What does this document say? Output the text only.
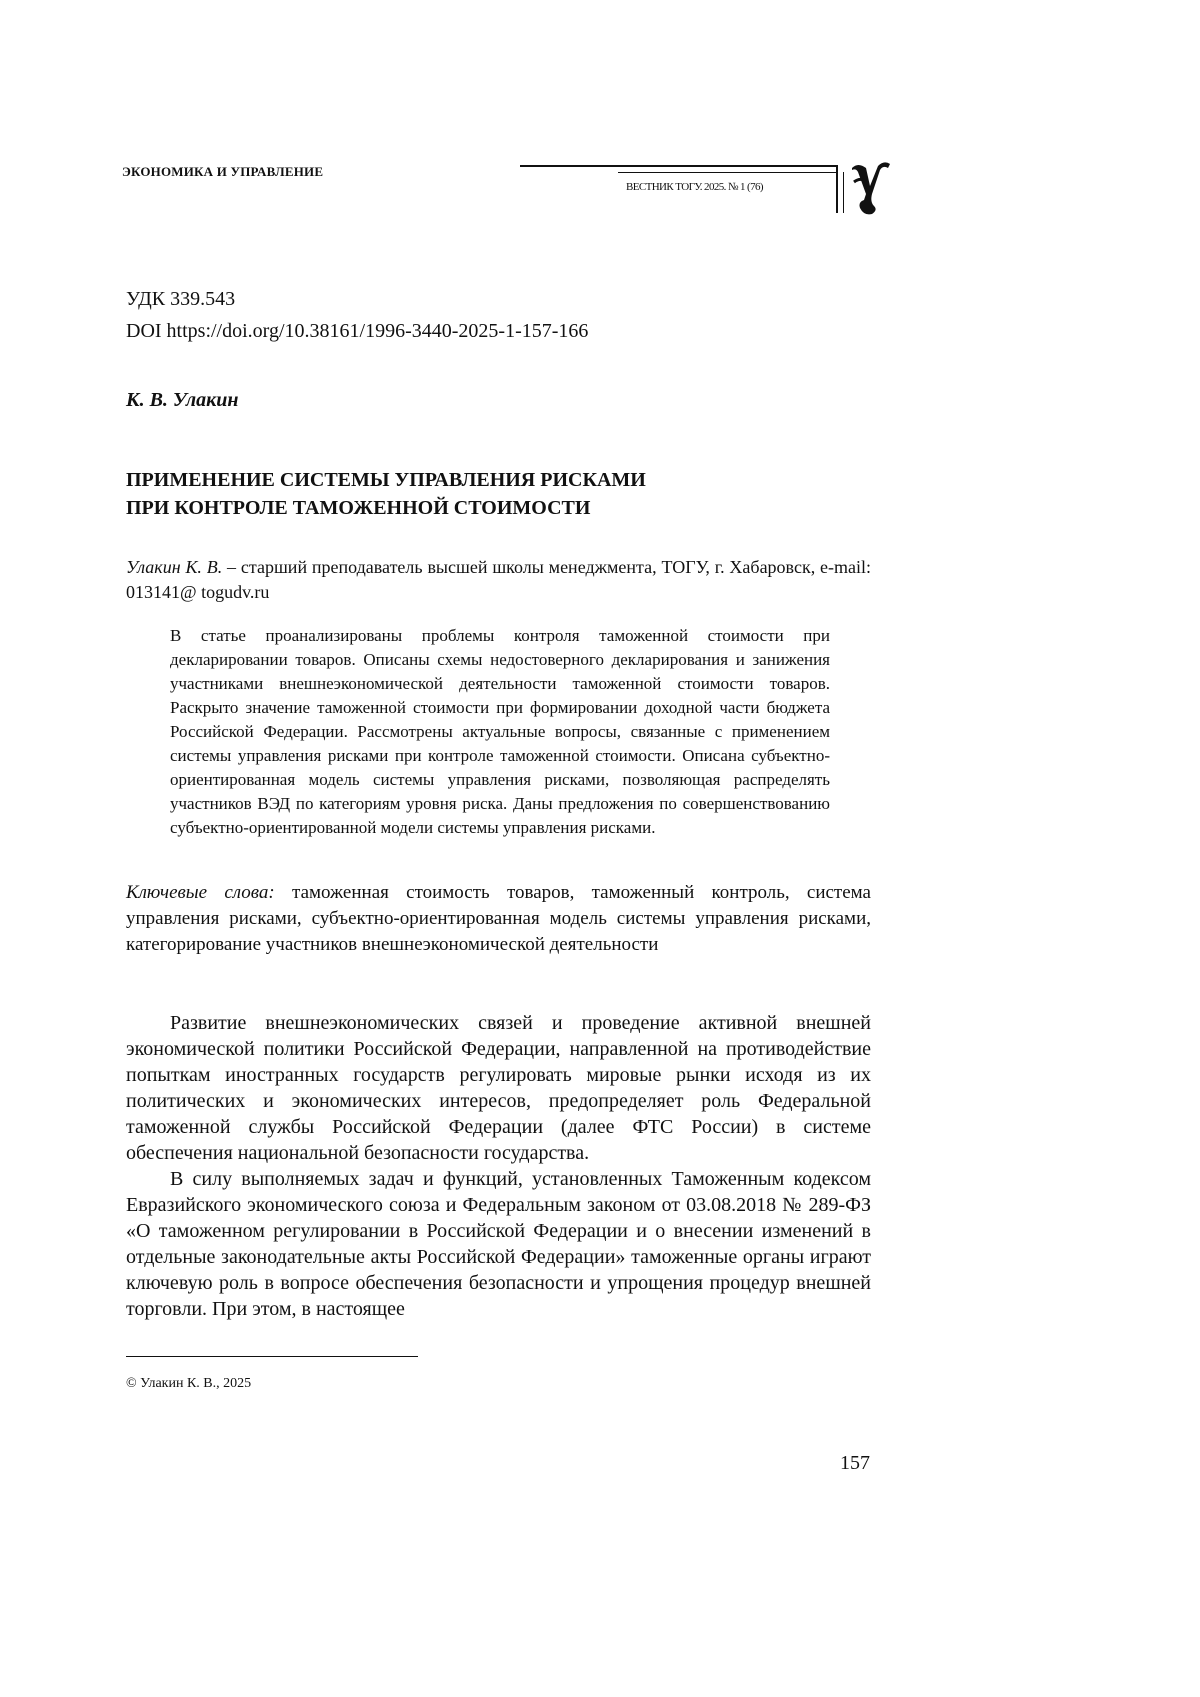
ЭКОНОМИКА И УПРАВЛЕНИЕ
ВЕСТНИК ТОГУ. 2025. № 1 (76)
УДК 339.543
DOI https://doi.org/10.38161/1996-3440-2025-1-157-166
К. В. Улакин
ПРИМЕНЕНИЕ СИСТЕМЫ УПРАВЛЕНИЯ РИСКАМИ
ПРИ КОНТРОЛЕ ТАМОЖЕННОЙ СТОИМОСТИ
Улакин К. В. – старший преподаватель высшей школы менеджмента, ТОГУ, г. Хабаровск, e-mail: 013141@ togudv.ru
В статье проанализированы проблемы контроля таможенной стоимости при декларировании товаров. Описаны схемы недостоверного декларирования и занижения участниками внешнеэкономической деятельности таможенной стоимости товаров. Раскрыто значение таможенной стоимости при формировании доходной части бюджета Российской Федерации. Рассмотрены актуальные вопросы, связанные с применением системы управления рисками при контроле таможенной стоимости. Описана субъектно-ориентированная модель системы управления рисками, позволяющая распределять участников ВЭД по категориям уровня риска. Даны предложения по совершенствованию субъектно-ориентированной модели системы управления рисками.
Ключевые слова: таможенная стоимость товаров, таможенный контроль, система управления рисками, субъектно-ориентированная модель системы управления рисками, категорирование участников внешнеэкономической деятельности

Развитие внешнеэкономических связей и проведение активной внешней экономической политики Российской Федерации, направленной на противодействие попыткам иностранных государств регулировать мировые рынки исходя из их политических и экономических интересов, предопределяет роль Федеральной таможенной службы Российской Федерации (далее ФТС России) в системе обеспечения национальной безопасности государства.

В силу выполняемых задач и функций, установленных Таможенным кодексом Евразийского экономического союза и Федеральным законом от 03.08.2018 № 289-ФЗ «О таможенном регулировании в Российской Федерации и о внесении изменений в отдельные законодательные акты Российской Федерации» таможенные органы играют ключевую роль в вопросе обеспечения безопасности и упрощения процедур внешней торговли. При этом, в настоящее

© Улакин К. В., 2025
157
